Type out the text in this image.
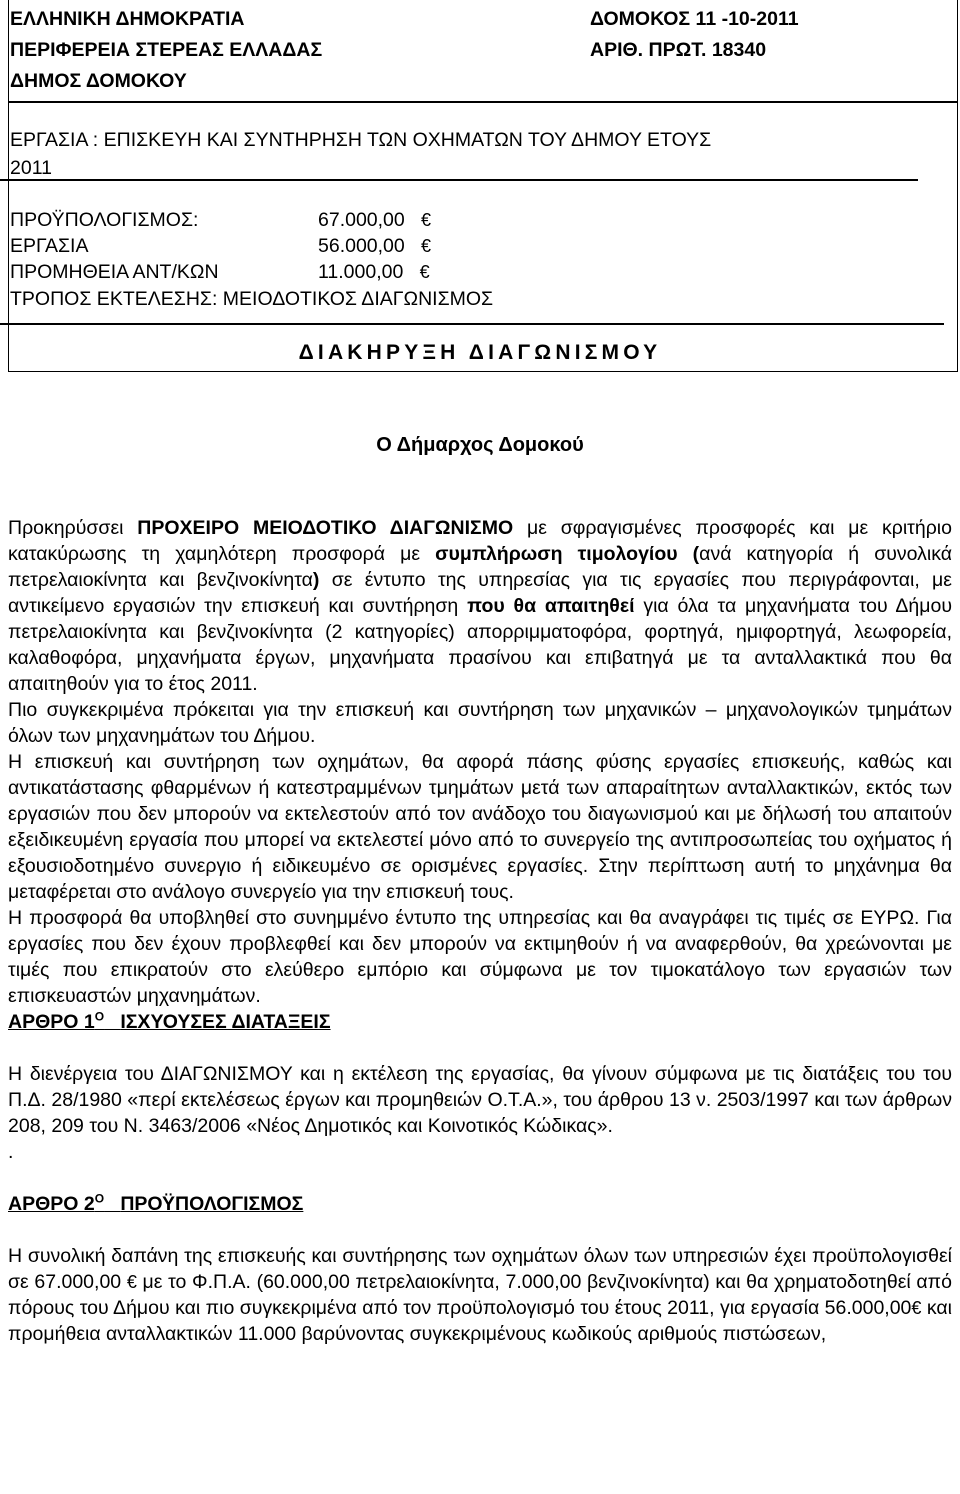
ΕΛΛΗΝΙΚΗ ΔΗΜΟΚΡΑΤΙΑ
ΠΕΡΙΦΕΡΕΙΑ ΣΤΕΡΕΑΣ ΕΛΛΑΔΑΣ
ΔΗΜΟΣ ΔΟΜΟΚΟΥ
ΔΟΜΟΚΟΣ 11 -10-2011
ΑΡΙΘ. ΠΡΩΤ. 18340
ΕΡΓΑΣΙΑ : ΕΠΙΣΚΕΥΗ ΚΑΙ ΣΥΝΤΗΡΗΣΗ ΤΩΝ ΟΧΗΜΑΤΩΝ ΤΟΥ ΔΗΜΟΥ ΕΤΟΥΣ
2011
ΠΡΟΫΠΟΛΟΓΙΣΜΟΣ:	67.000,00 €
ΕΡΓΑΣΙΑ	56.000,00 €
ΠΡΟΜΗΘΕΙΑ ΑΝΤ/ΚΩΝ	11.000,00 €
ΤΡΟΠΟΣ ΕΚΤΕΛΕΣΗΣ: ΜΕΙΟΔΟΤΙΚΟΣ ΔΙΑΓΩΝΙΣΜΟΣ
ΔΙΑΚΗΡΥΞΗ ΔΙΑΓΩΝΙΣΜΟΥ
Ο Δήμαρχος Δομοκού

Προκηρύσσει ΠΡΟΧΕΙΡΟ ΜΕΙΟΔΟΤΙΚΟ ΔΙΑΓΩΝΙΣΜΟ με σφραγισμένες προσφορές και με κριτήριο κατακύρωσης τη χαμηλότερη προσφορά με συμπλήρωση τιμολογίου (ανά κατηγορία ή συνολικά πετρελαιοκίνητα και βενζινοκίνητα) σε έντυπο της υπηρεσίας για τις εργασίες που περιγράφονται, με αντικείμενο εργασιών την επισκευή και συντήρηση που θα απαιτηθεί για όλα τα μηχανήματα του Δήμου πετρελαιοκίνητα και βενζινοκίνητα (2 κατηγορίες) απορριμματοφόρα, φορτηγά, ημιφορτηγά, λεωφορεία, καλαθοφόρα, μηχανήματα έργων, μηχανήματα πρασίνου και επιβατηγά με τα ανταλλακτικά που θα απαιτηθούν για το έτος 2011.

Πιο συγκεκριμένα πρόκειται για την επισκευή και συντήρηση των μηχανικών – μηχανολογικών τμημάτων όλων των μηχανημάτων του Δήμου.

Η επισκευή και συντήρηση των οχημάτων, θα αφορά πάσης φύσης εργασίες επισκευής, καθώς και αντικατάστασης φθαρμένων ή κατεστραμμένων τμημάτων μετά των απαραίτητων ανταλλακτικών, εκτός των εργασιών που δεν μπορούν να εκτελεστούν από τον ανάδοχο του διαγωνισμού και με δήλωσή του απαιτούν εξειδικευμένη εργασία που μπορεί να εκτελεστεί μόνο από το συνεργείο της αντιπροσωπείας του οχήματος ή εξουσιοδοτημένο συνεργιο ή ειδικευμένο σε ορισμένες εργασίες. Στην περίπτωση αυτή το μηχάνημα θα μεταφέρεται στο ανάλογο συνεργείο για την επισκευή τους.

Η προσφορά θα υποβληθεί στο συνημμένο έντυπο της υπηρεσίας και θα αναγράφει τις τιμές σε ΕΥΡΩ. Για εργασίες που δεν έχουν προβλεφθεί και δεν μπορούν να εκτιμηθούν ή να αναφερθούν, θα χρεώνονται με τιμές που επικρατούν στο ελεύθερο εμπόριο και σύμφωνα με τον τιμοκατάλογο των εργασιών των επισκευαστών μηχανημάτων.

ΑΡΘΡΟ $1^O$ ΙΣΧΥΟΥΣΕΣ ΔΙΑΤΑΞΕΙΣ

Η διενέργεια του ΔΙΑΓΩΝΙΣΜΟΥ και η εκτέλεση της εργασίας, θα γίνουν σύμφωνα με τις διατάξεις του του Π.Δ. 28/1980 «περί εκτελέσεως έργων και προμηθειών Ο.Τ.Α.», του άρθρου 13 ν. 2503/1997 και των άρθρων 208, 209 του Ν. 3463/2006 «Νέος Δημοτικός και Κοινοτικός Κώδικας».

.

ΑΡΘΡΟ $2^O$ ΠΡΟΫΠΟΛΟΓΙΣΜΟΣ

Η συνολική δαπάνη της επισκευής και συντήρησης των οχημάτων όλων των υπηρεσιών έχει προϋπολογισθεί σε 67.000,00 € με το Φ.Π.Α. (60.000,00 πετρελαιοκίνητα, 7.000,00 βενζινοκίνητα) και θα χρηματοδοτηθεί από πόρους του Δήμου και πιο συγκεκριμένα από τον προϋπολογισμό του έτους 2011, για εργασία 56.000,00€ και προμήθεια ανταλλακτικών 11.000 βαρύνοντας συγκεκριμένους κωδικούς αριθμούς πιστώσεων,
